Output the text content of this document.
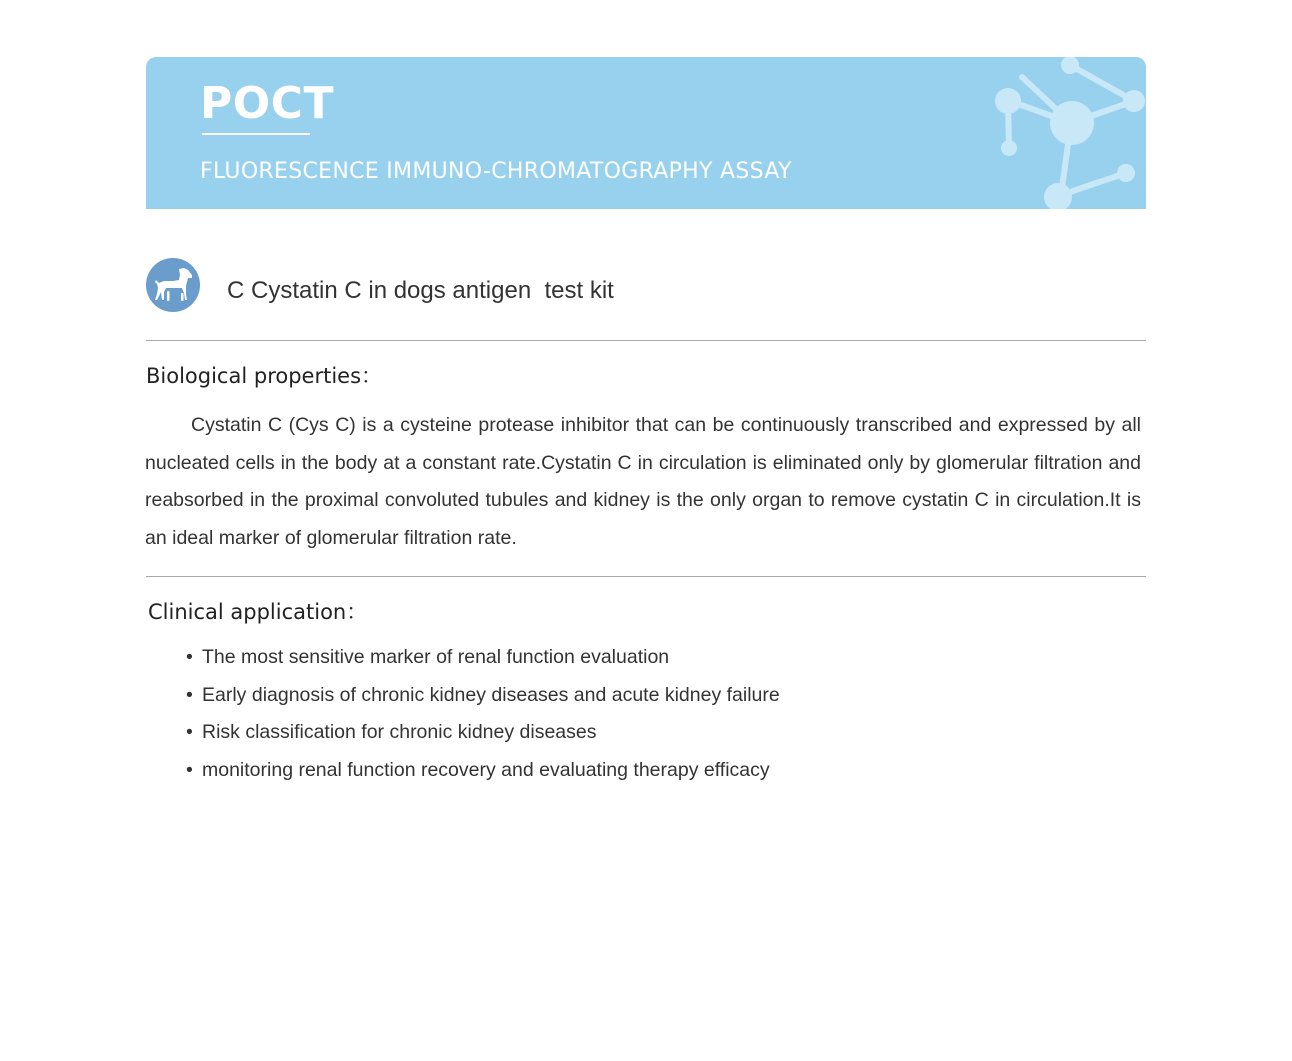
POCT
FLUORESCENCE IMMUNO-CHROMATOGRAPHY ASSAY
C Cystatin C in dogs antigen  test kit
Biological properties：
Cystatin C (Cys C) is a cysteine protease inhibitor that can be continuously transcribed and expressed by all nucleated cells in the body at a constant rate.Cystatin C in circulation is eliminated only by glomerular filtration and reabsorbed in the proximal convoluted tubules and kidney is the only organ to remove cystatin C in circulation.It is an ideal marker of glomerular filtration rate.
Clinical application：
• The most sensitive marker of renal function evaluation
• Early diagnosis of chronic kidney diseases and acute kidney failure
• Risk classification for chronic kidney diseases
• monitoring renal function recovery and evaluating therapy efficacy
